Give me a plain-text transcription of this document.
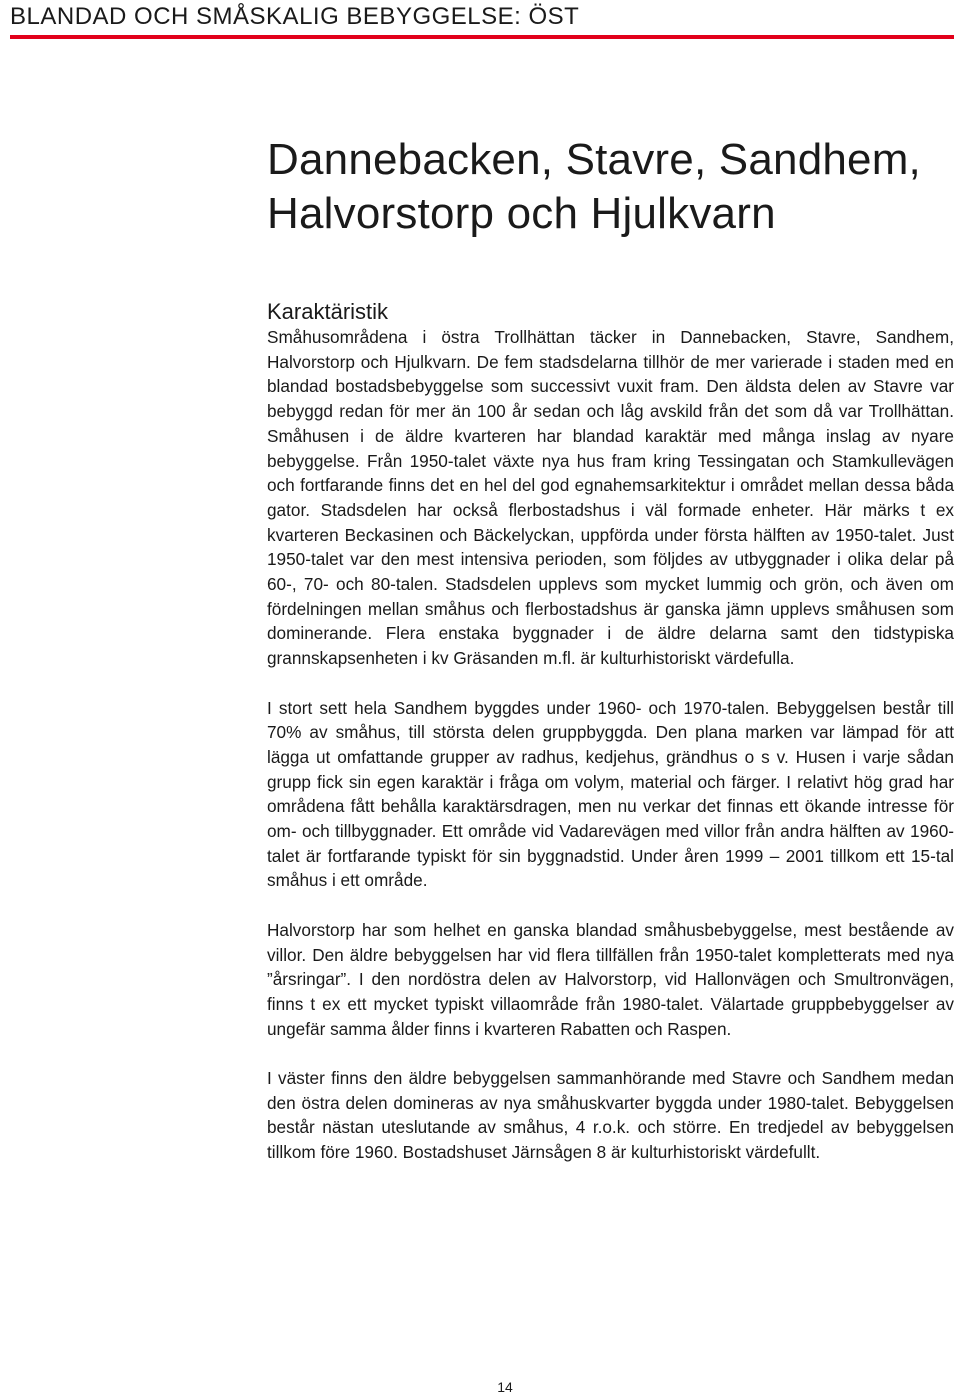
BLANDAD OCH SMÅSKALIG BEBYGGELSE: ÖST
Dannebacken, Stavre, Sandhem,
Halvorstorp och Hjulkvarn
Karaktäristik

Småhusområdena i östra Trollhättan täcker in Dannebacken, Stavre, Sandhem, Halvorstorp och Hjulkvarn. De fem stadsdelarna tillhör de mer varierade i staden med en blandad bostadsbebyggelse som successivt vuxit fram. Den äldsta delen av Stavre var bebyggd redan för mer än 100 år sedan och låg avskild från det som då var Trollhättan. Småhusen i de äldre kvarteren har blandad karaktär med många inslag av nyare bebyggelse. Från 1950-talet växte nya hus fram kring Tessingatan och Stamkullevägen och fortfarande finns det en hel del god egnahemsarkitektur i området mellan dessa båda gator. Stadsdelen har också flerbostadshus i väl formade enheter. Här märks t ex kvarteren Beckasinen och Bäckelyckan, uppförda under första hälften av 1950-talet. Just 1950-talet var den mest intensiva perioden, som följdes av utbyggnader i olika delar på 60-, 70- och 80-talen. Stadsdelen upplevs som mycket lummig och grön, och även om fördelningen mellan småhus och flerbostadshus är ganska jämn upplevs småhusen som dominerande. Flera enstaka byggnader i de äldre delarna samt den tidstypiska grannskapsenheten i kv Gräsanden m.fl. är kulturhistoriskt värdefulla.

I stort sett hela Sandhem byggdes under 1960- och 1970-talen. Bebyggelsen består till 70% av småhus, till största delen gruppbyggda. Den plana marken var lämpad för att lägga ut omfattande grupper av radhus, kedjehus, grändhus o s v. Husen i varje sådan grupp fick sin egen karaktär i fråga om volym, material och färger. I relativt hög grad har områdena fått behålla karaktärsdragen, men nu verkar det finnas ett ökande intresse för om- och tillbyggnader. Ett område vid Vadarevägen med villor från andra hälften av 1960-talet är fortfarande typiskt för sin byggnadstid. Under åren 1999 – 2001 tillkom ett 15-tal småhus i ett område.

Halvorstorp har som helhet en ganska blandad småhusbebyggelse, mest bestående av villor. Den äldre bebyggelsen har vid flera tillfällen från 1950-talet kompletterats med nya ”årsringar”. I den nordöstra delen av Halvorstorp, vid Hallonvägen och Smultronvägen, finns t ex ett mycket typiskt villaområde från 1980-talet. Välartade gruppbebyggelser av ungefär samma ålder finns i kvarteren Rabatten och Raspen.

I väster finns den äldre bebyggelsen sammanhörande med Stavre och Sandhem medan den östra delen domineras av nya småhuskvarter byggda under 1980-talet. Bebyggelsen består nästan uteslutande av småhus, 4 r.o.k. och större. En tredjedel av bebyggelsen tillkom före 1960. Bostadshuset Järnsågen 8 är kulturhistoriskt värdefullt.

14
